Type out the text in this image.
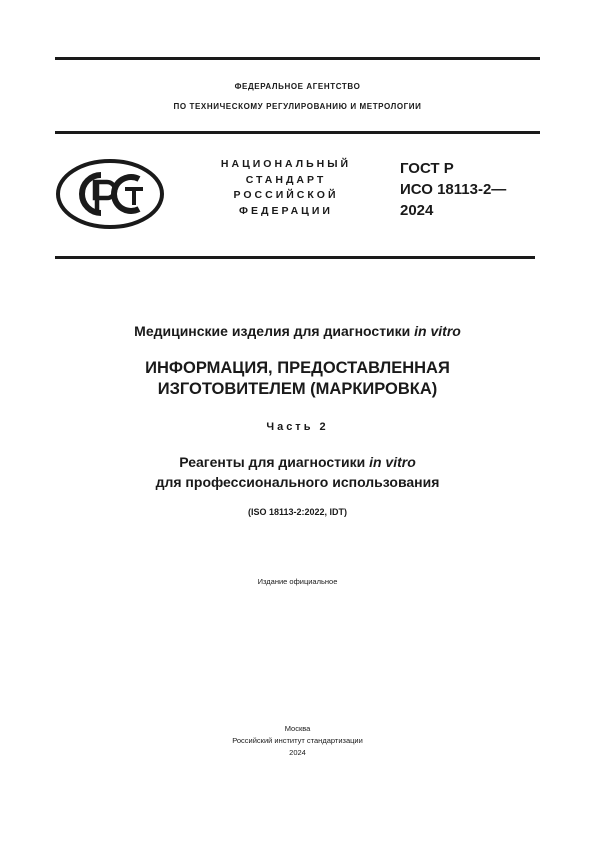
ФЕДЕРАЛЬНОЕ АГЕНТСТВО
ПО ТЕХНИЧЕСКОМУ РЕГУЛИРОВАНИЮ И МЕТРОЛОГИИ
НАЦИОНАЛЬНЫЙ
СТАНДАРТ
РОССИЙСКОЙ
ФЕДЕРАЦИИ
ГОСТ Р
ИСО 18113-2—
2024
Медицинские изделия для диагностики in vitro
ИНФОРМАЦИЯ, ПРЕДОСТАВЛЕННАЯ
ИЗГОТОВИТЕЛЕМ (МАРКИРОВКА)
Часть 2
Реагенты для диагностики in vitro
для профессионального использования
(ISO 18113-2:2022, IDT)
Издание официальное
Москва
Российский институт стандартизации
2024
